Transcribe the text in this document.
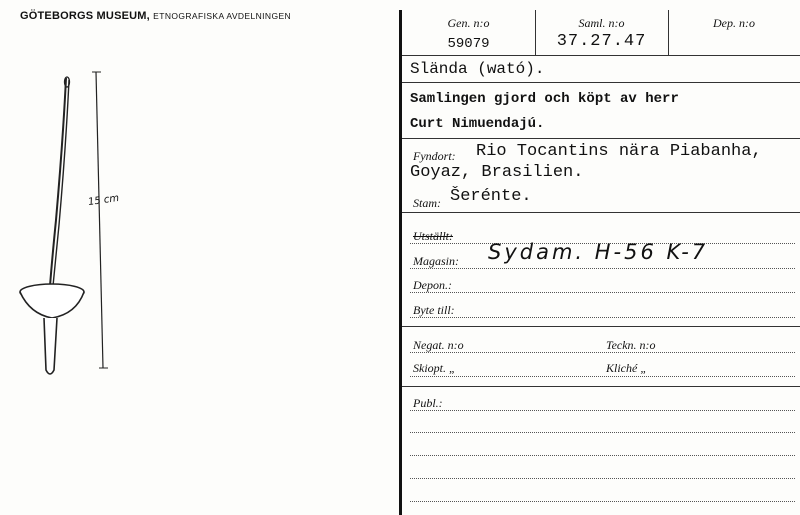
GÖTEBORGS MUSEUM, ETNOGRAFISKA AVDELNINGEN
15 cm
Gen. n:o
59079
Saml. n:o
37.27.47
Dep. n:o
Slända (wató).
Samlingen gjord och köpt av herr
Curt Nimuendajú.
Fyndort: Rio Tocantins nära Piabanha,
Goyaz, Brasilien.
Stam: Šerénte.
Utställt:
Magasin: Sydam. H-56 K-7
Depon.:
Byte till:
Negat. n:o	Teckn. n:o
Skiopt. „	Kliché „
Publ.:
